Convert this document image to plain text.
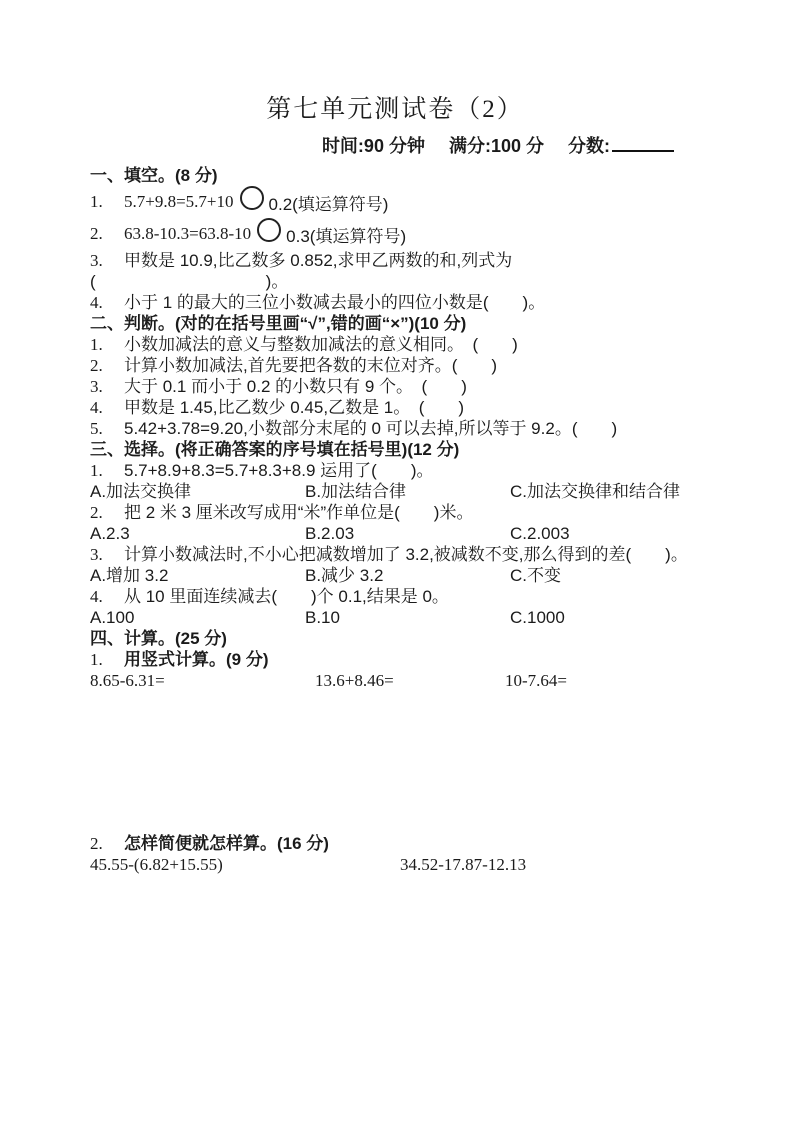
第七单元测试卷（2）
时间:90 分钟 满分:100 分 分数:
一、填空。(8 分)
1.	5.7+9.8=5.7+10 0.2(填运算符号)
2.	63.8-10.3=63.8-10 0.3(填运算符号)
3. 甲数是 10.9,比乙数多 0.852,求甲乙两数的和,列式为(　　　　　　　　　　)。
4. 小于 1 的最大的三位小数减去最小的四位小数是(　　)。
二、判断。(对的在括号里画“√”,错的画“×”)(10 分)
1. 小数加减法的意义与整数加减法的意义相同。　(　　)
2. 计算小数加减法,首先要把各数的末位对齐。(　　)
3. 大于 0.1 而小于 0.2 的小数只有 9 个。　(　　)
4. 甲数是 1.45,比乙数少 0.45,乙数是 1。　(　　)
5. 5.42+3.78=9.20,小数部分末尾的 0 可以去掉,所以等于 9.2。(　　)
三、选择。(将正确答案的序号填在括号里)(12 分)
1. 5.7+8.9+8.3=5.7+8.3+8.9 运用了(　　)。
A.加法交换律	B.加法结合律	C.加法交换律和结合律
2. 把 2 米 3 厘米改写成用“米”作单位是(　　)米。
A.2.3	B.2.03	C.2.003
3. 计算小数减法时,不小心把减数增加了 3.2,被减数不变,那么得到的差(　　)。
A.增加 3.2	B.减少 3.2	C.不变
4. 从 10 里面连续减去(　　)个 0.1,结果是 0。
A.100	B.10	C.1000
四、计算。(25 分)
1. 用竖式计算。(9 分)
8.65-6.31=	13.6+8.46=	10-7.64=
2. 怎样简便就怎样算。(16 分)
45.55-(6.82+15.55)	34.52-17.87-12.13
